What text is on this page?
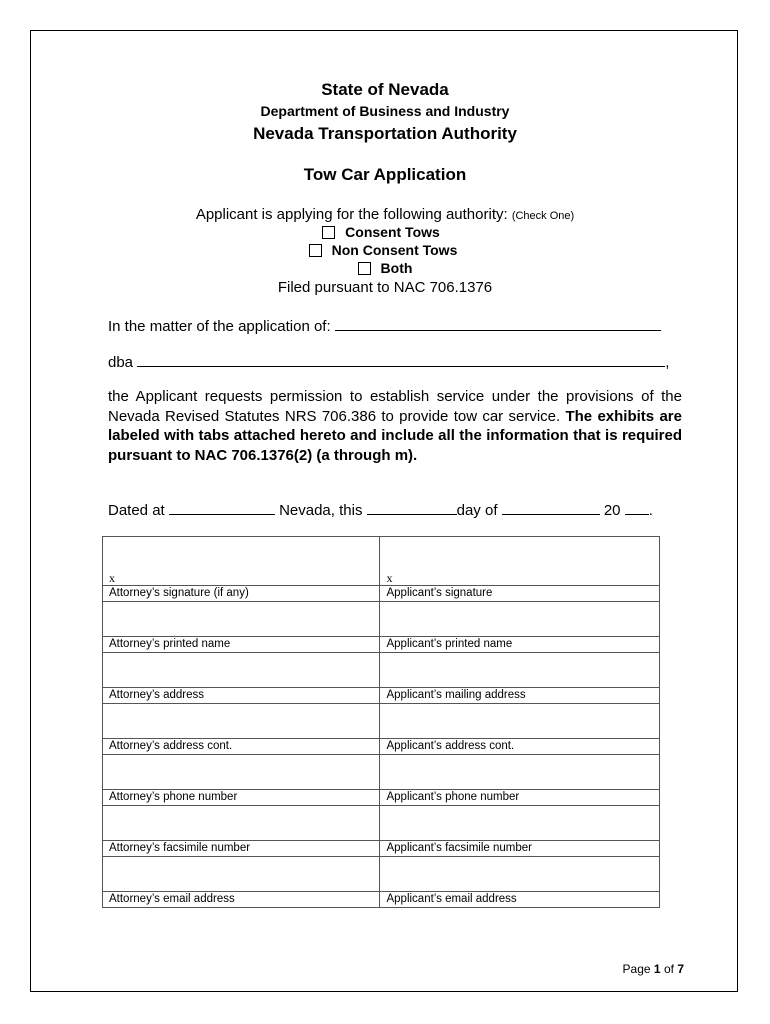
State of Nevada
Department of Business and Industry
Nevada Transportation Authority
Tow Car Application
Applicant is applying for the following authority: (Check One)
Consent Tows
Non Consent Tows
Both
Filed pursuant to NAC 706.1376
In the matter of the application of:
dba	,
the Applicant requests permission to establish service under the provisions of the Nevada Revised Statutes NRS 706.386 to provide tow car service. The exhibits are labeled with tabs attached hereto and include all the information that is required pursuant to NAC 706.1376(2) (a through m).
Dated at	Nevada, this	day of	20 .
x	x

Attorney’s signature (if any)	Applicant’s signature

Attorney’s printed name	Applicant’s printed name

Attorney’s address	Applicant’s mailing address

Attorney’s address cont.	Applicant’s address cont.

Attorney’s phone number	Applicant’s phone number

Attorney’s facsimile number	Applicant’s facsimile number

Attorney’s email address	Applicant’s email address
Page 1 of 7
